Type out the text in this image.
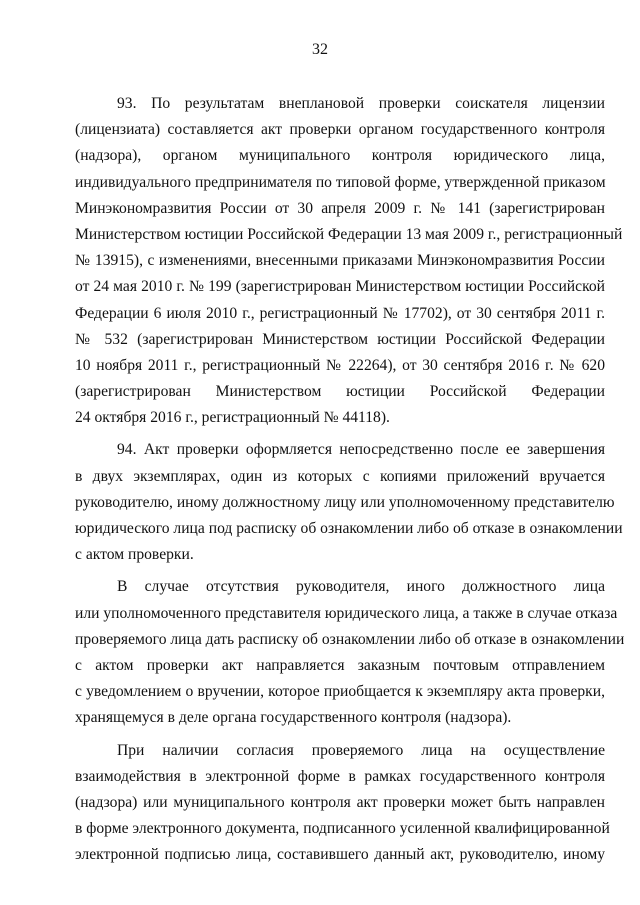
32
93. По результатам внеплановой проверки соискателя лицензии
(лицензиата) составляется акт проверки органом государственного контроля
(надзора), органом муниципального контроля юридического лица,
индивидуального предпринимателя по типовой форме, утвержденной приказом
Минэкономразвития России от 30 апреля 2009 г. № 141 (зарегистрирован
Министерством юстиции Российской Федерации 13 мая 2009 г., регистрационный
№ 13915), с изменениями, внесенными приказами Минэкономразвития России
от 24 мая 2010 г. № 199 (зарегистрирован Министерством юстиции Российской
Федерации 6 июля 2010 г., регистрационный № 17702), от 30 сентября 2011 г.
№ 532 (зарегистрирован Министерством юстиции Российской Федерации
10 ноября 2011 г., регистрационный № 22264), от 30 сентября 2016 г. № 620
(зарегистрирован Министерством юстиции Российской Федерации
24 октября 2016 г., регистрационный № 44118).
94. Акт проверки оформляется непосредственно после ее завершения
в двух экземплярах, один из которых с копиями приложений вручается
руководителю, иному должностному лицу или уполномоченному представителю
юридического лица под расписку об ознакомлении либо об отказе в ознакомлении
с актом проверки.
В случае отсутствия руководителя, иного должностного лица
или уполномоченного представителя юридического лица, а также в случае отказа
проверяемого лица дать расписку об ознакомлении либо об отказе в ознакомлении
с актом проверки акт направляется заказным почтовым отправлением
с уведомлением о вручении, которое приобщается к экземпляру акта проверки,
хранящемуся в деле органа государственного контроля (надзора).
При наличии согласия проверяемого лица на осуществление
взаимодействия в электронной форме в рамках государственного контроля
(надзора) или муниципального контроля акт проверки может быть направлен
в форме электронного документа, подписанного усиленной квалифицированной
электронной подписью лица, составившего данный акт, руководителю, иному
